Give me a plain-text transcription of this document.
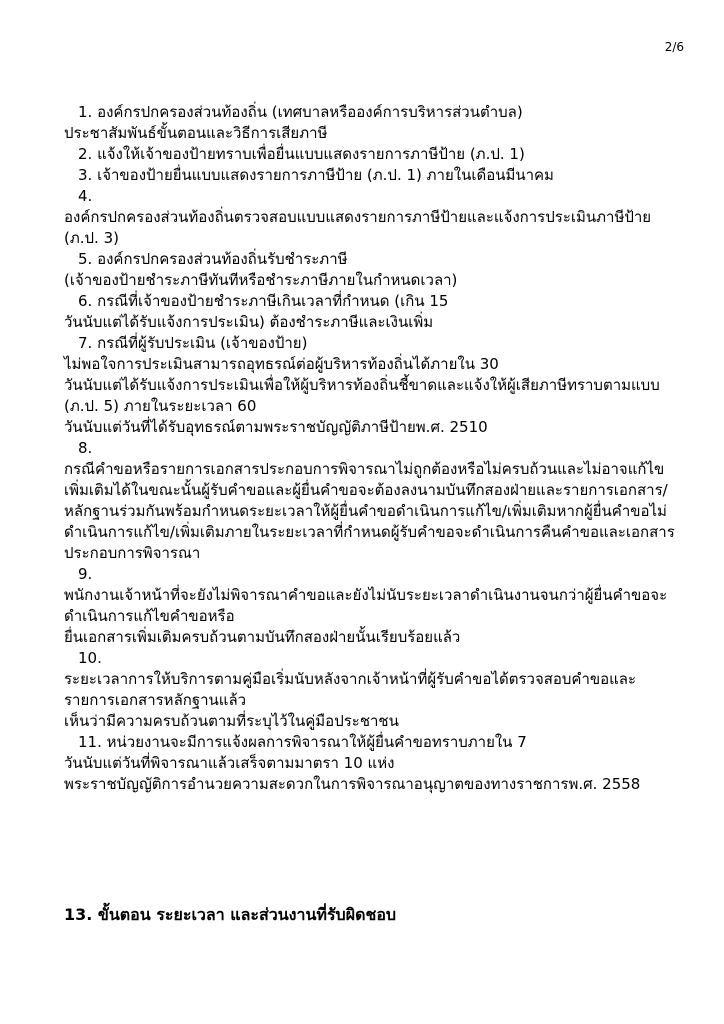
2/6

1. องค์กรปกครองส่วนท้องถิ่น (เทศบาลหรือองค์การบริหารส่วนตำบล)
ประชาสัมพันธ์ขั้นตอนและวิธีการเสียภาษี

2. แจ้งให้เจ้าของป้ายทราบเพื่อยื่นแบบแสดงรายการภาษีป้าย (ภ.ป. 1)

3. เจ้าของป้ายยื่นแบบแสดงรายการภาษีป้าย (ภ.ป. 1) ภายในเดือนมีนาคม

4.
องค์กรปกครองส่วนท้องถิ่นตรวจสอบแบบแสดงรายการภาษีป้ายและแจ้งการประเมินภาษีป้าย (ภ.ป. 3)

5. องค์กรปกครองส่วนท้องถิ่นรับชำระภาษี
(เจ้าของป้ายชำระภาษีทันทีหรือชำระภาษีภายในกำหนดเวลา)

6. กรณีที่เจ้าของป้ายชำระภาษีเกินเวลาที่กำหนด (เกิน 15
วันนับแต่ได้รับแจ้งการประเมิน) ต้องชำระภาษีและเงินเพิ่ม

7. กรณีที่ผู้รับประเมิน (เจ้าของป้าย)
ไม่พอใจการประเมินสามารถอุทธรณ์ต่อผู้บริหารท้องถิ่นได้ภายใน 30
วันนับแต่ได้รับแจ้งการประเมินเพื่อให้ผู้บริหารท้องถิ่นชี้ขาดและแจ้งให้ผู้เสียภาษีทราบตามแบบ (ภ.ป. 5) ภายในระยะเวลา 60
วันนับแต่วันที่ได้รับอุทธรณ์ตามพระราชบัญญัติภาษีป้ายพ.ศ. 2510

8.
กรณีคำขอหรือรายการเอกสารประกอบการพิจารณาไม่ถูกต้องหรือไม่ครบถ้วนและไม่อาจแก้ไขเพิ่มเติมได้ในขณะนั้นผู้รับคำขอและผู้ยื่นคำขอจะต้องลงนามบันทึกสองฝ่ายและรายการเอกสาร/หลักฐานร่วมกันพร้อมกำหนดระยะเวลาให้ผู้ยื่นคำขอดำเนินการแก้ไข/เพิ่มเติมหากผู้ยื่นคำขอไม่ดำเนินการแก้ไข/เพิ่มเติมภายในระยะเวลาที่กำหนดผู้รับคำขอจะดำเนินการคืนคำขอและเอกสารประกอบการพิจารณา

9.
พนักงานเจ้าหน้าที่จะยังไม่พิจารณาคำขอและยังไม่นับระยะเวลาดำเนินงานจนกว่าผู้ยื่นคำขอจะดำเนินการแก้ไขคำขอหรือ
ยื่นเอกสารเพิ่มเติมครบถ้วนตามบันทึกสองฝ่ายนั้นเรียบร้อยแล้ว

10.
ระยะเวลาการให้บริการตามคู่มือเริ่มนับหลังจากเจ้าหน้าที่ผู้รับคำขอได้ตรวจสอบคำขอและรายการเอกสารหลักฐานแล้ว
เห็นว่ามีความครบถ้วนตามที่ระบุไว้ในคู่มือประชาชน

11. หน่วยงานจะมีการแจ้งผลการพิจารณาให้ผู้ยื่นคำขอทราบภายใน 7
วันนับแต่วันที่พิจารณาแล้วเสร็จตามมาตรา 10 แห่ง
พระราชบัญญัติการอำนวยความสะดวกในการพิจารณาอนุญาตของทางราชการพ.ศ. 2558

13. ขั้นตอน ระยะเวลา และส่วนงานที่รับผิดชอบ
